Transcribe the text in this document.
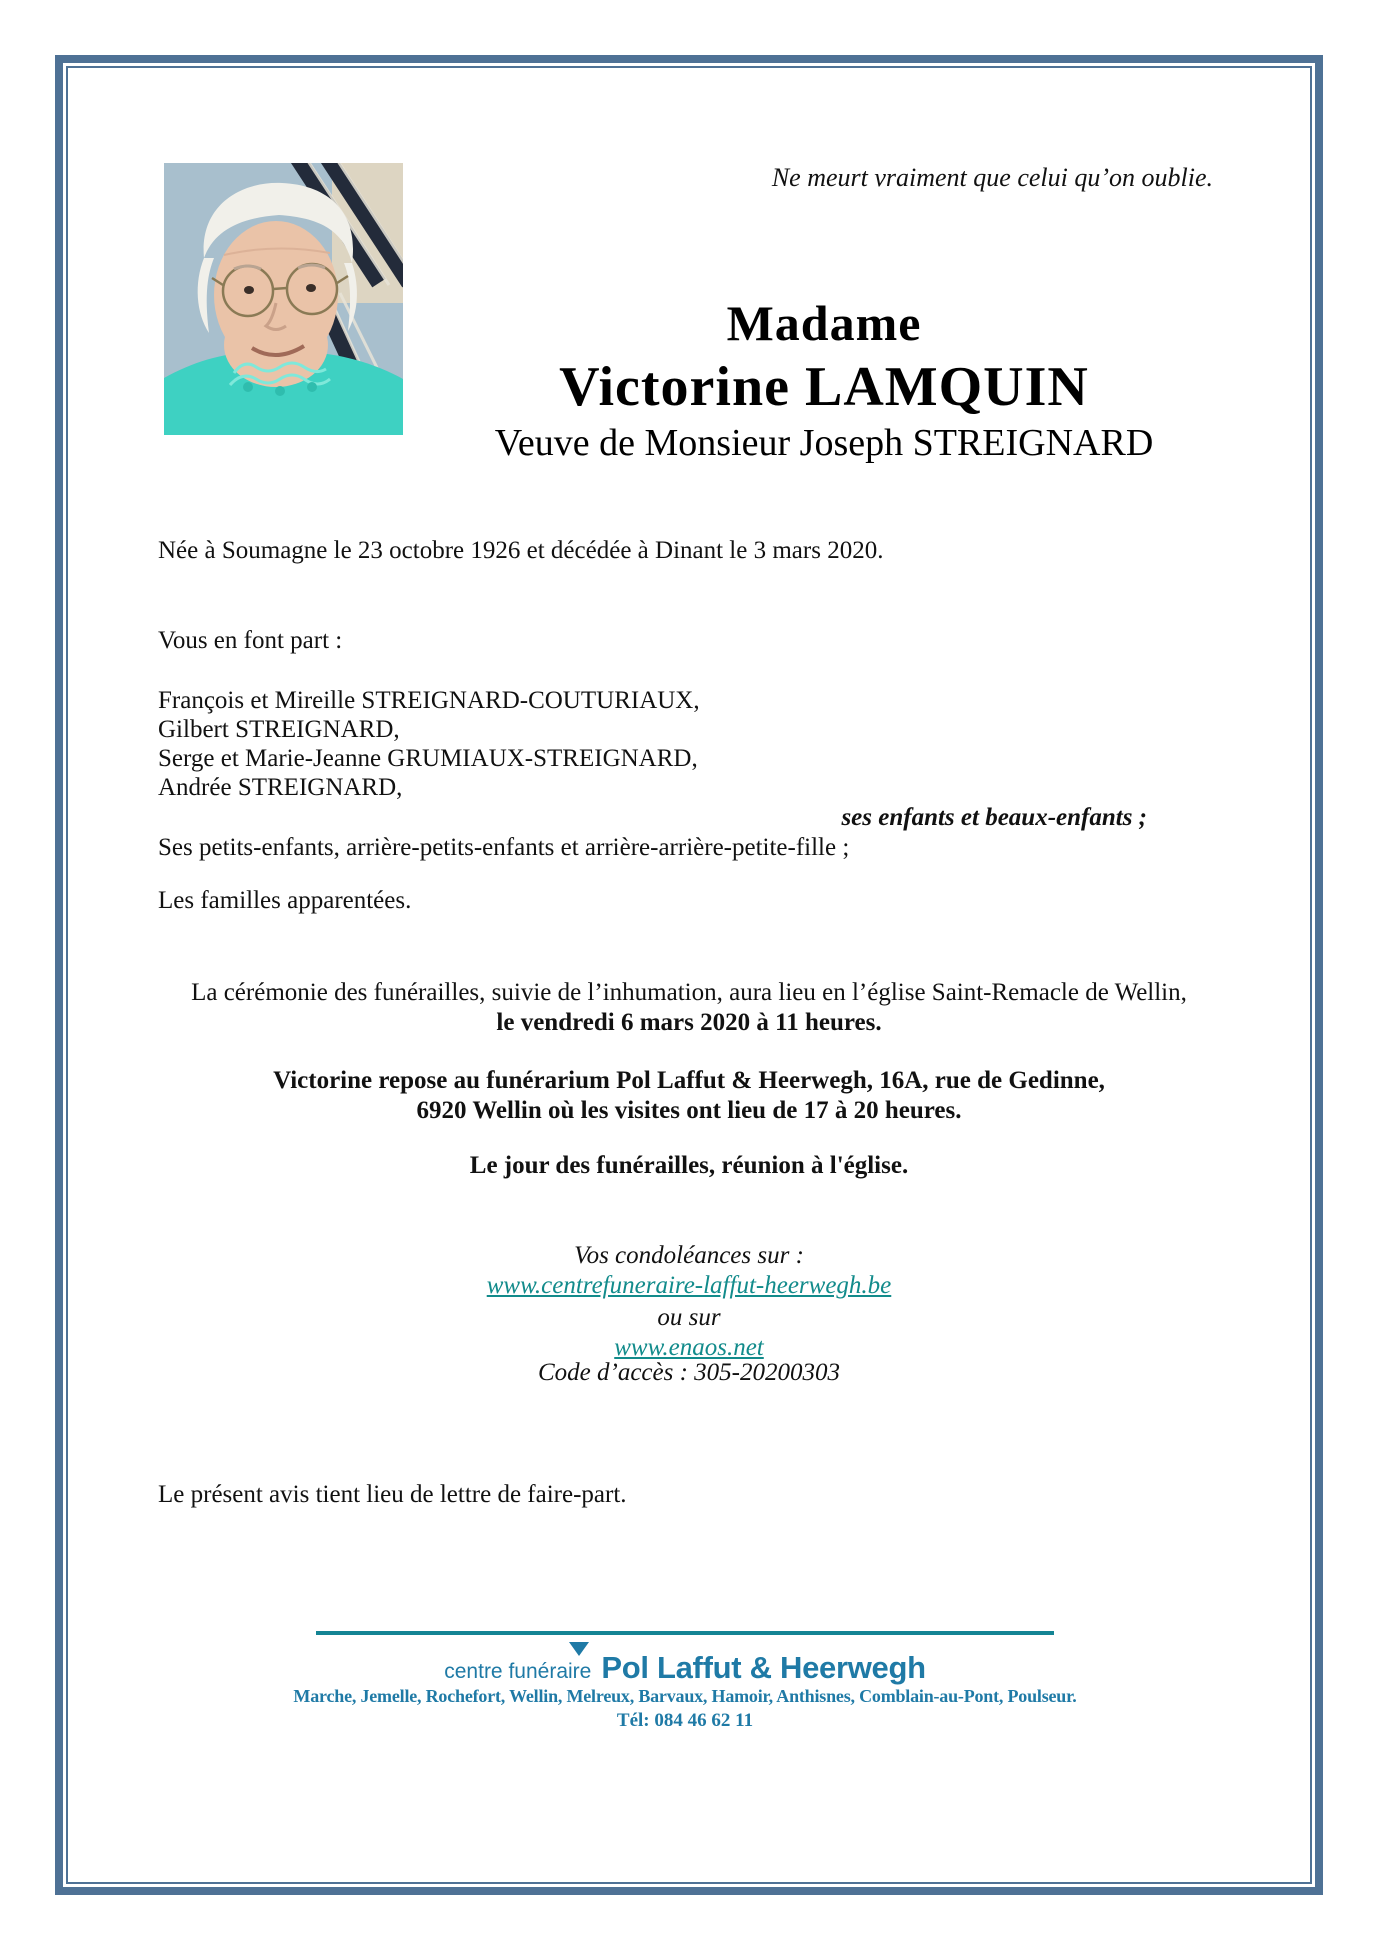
Ne meurt vraiment que celui qu’on oublie.
Madame
Victorine LAMQUIN
Veuve de Monsieur Joseph STREIGNARD
Née à Soumagne le 23 octobre 1926 et décédée à Dinant le 3 mars 2020.
Vous en font part :
François et Mireille STREIGNARD-COUTURIAUX,
Gilbert STREIGNARD,
Serge et Marie-Jeanne GRUMIAUX-STREIGNARD,
Andrée STREIGNARD,
ses enfants et beaux-enfants ;
Ses petits-enfants, arrière-petits-enfants et arrière-arrière-petite-fille ;
Les familles apparentées.
La cérémonie des funérailles, suivie de l’inhumation, aura lieu en l’église Saint-Remacle de Wellin,
le vendredi 6 mars 2020 à 11 heures.
Victorine repose au funérarium Pol Laffut & Heerwegh, 16A, rue de Gedinne,
6920 Wellin où les visites ont lieu de 17 à 20 heures.
Le jour des funérailles, réunion à l'église.
Vos condoléances sur :
www.centrefuneraire-laffut-heerwegh.be
ou sur
www.enaos.net
Code d’accès : 305-20200303
Le présent avis tient lieu de lettre de faire-part.
centre funéraire Pol Laffut & Heerwegh
Marche, Jemelle, Rochefort, Wellin, Melreux, Barvaux, Hamoir, Anthisnes, Comblain-au-Pont, Poulseur.
Tél: 084 46 62 11
